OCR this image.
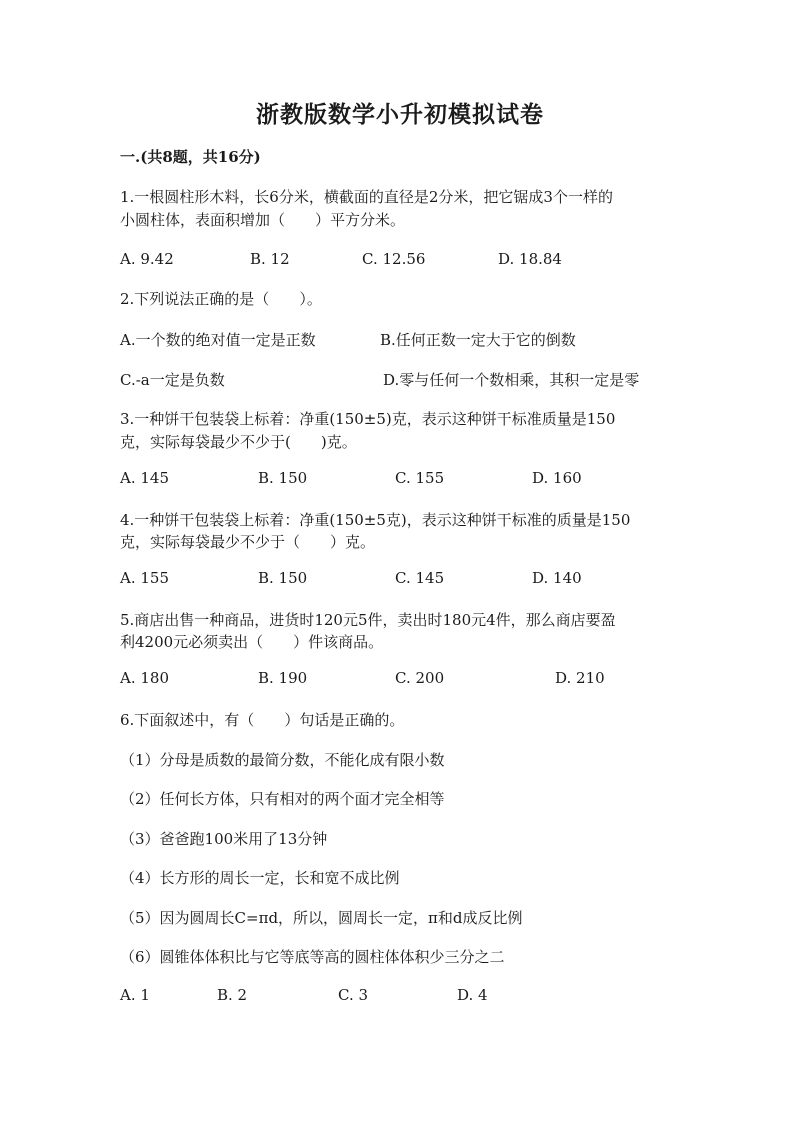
浙教版数学小升初模拟试卷
一.(共8题，共16分)
1.一根圆柱形木料，长6分米，横截面的直径是2分米，把它锯成3个一样的
小圆柱体，表面积增加（　　）平方分米。
A. 9.42	B. 12	C. 12.56	D. 18.84
2.下列说法正确的是（　　）。
A.一个数的绝对值一定是正数	B.任何正数一定大于它的倒数
C.-a一定是负数	D.零与任何一个数相乘，其积一定是零
3.一种饼干包装袋上标着：净重(150±5)克，表示这种饼干标准质量是150
克，实际每袋最少不少于(　　)克。
A. 145	B. 150	C. 155	D. 160
4.一种饼干包装袋上标着：净重(150±5克)，表示这种饼干标准的质量是150
克，实际每袋最少不少于（　　）克。
A. 155	B. 150	C. 145	D. 140
5.商店出售一种商品，进货时120元5件，卖出时180元4件，那么商店要盈
利4200元必须卖出（　　）件该商品。
A. 180	B. 190	C. 200	D. 210
6.下面叙述中，有（　　）句话是正确的。
（1）分母是质数的最简分数，不能化成有限小数
（2）任何长方体，只有相对的两个面才完全相等
（3）爸爸跑100米用了13分钟
（4）长方形的周长一定，长和宽不成比例
（5）因为圆周长C=πd，所以，圆周长一定，π和d成反比例
（6）圆锥体体积比与它等底等高的圆柱体体积少三分之二
A. 1	B. 2	C. 3	D. 4
